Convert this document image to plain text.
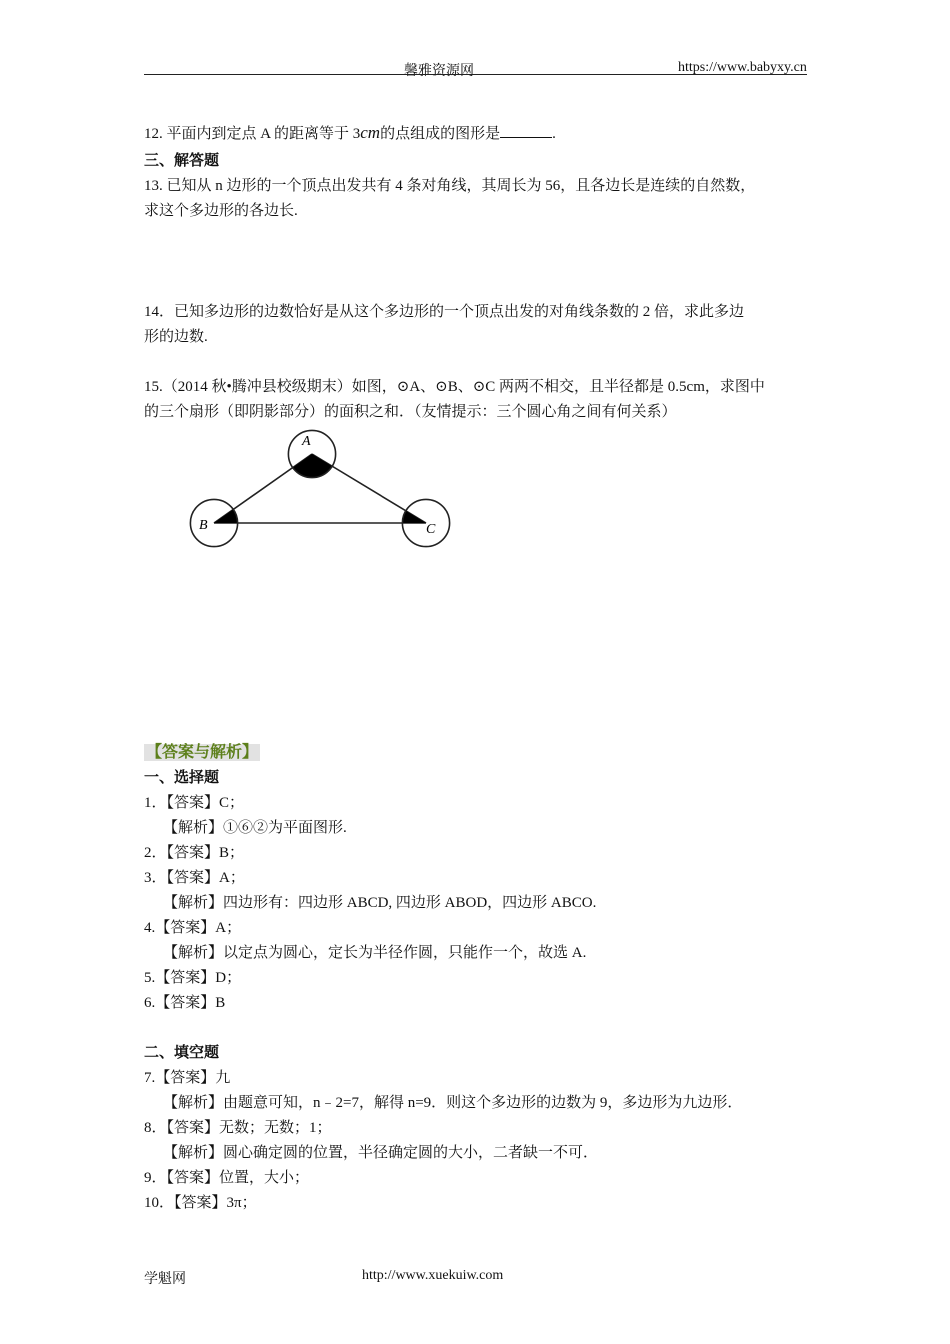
馨雅资源网	https://www.babyxy.cn
12. 平面内到定点 A 的距离等于 3cm的点组成的图形是	.
三、解答题
13. 已知从 n 边形的一个顶点出发共有 4 条对角线，其周长为 56，且各边长是连续的自然数，
求这个多边形的各边长.
14．已知多边形的边数恰好是从这个多边形的一个顶点出发的对角线条数的 2 倍，求此多边
形的边数.
15.（2014 秋•腾冲县校级期末）如图，⊙A、⊙B、⊙C 两两不相交，且半径都是 0.5cm，求图中
的三个扇形（即阴影部分）的面积之和．（友情提示：三个圆心角之间有何关系）
A
B	C
【答案与解析】
一、选择题
1．【答案】C；
【解析】①⑥②为平面图形.
2．【答案】B；
3．【答案】A；
【解析】四边形有：四边形 ABCD, 四边形 ABOD，四边形 ABCO.
4.【答案】A；
【解析】以定点为圆心，定长为半径作圆，只能作一个，故选 A.
5.【答案】D；
6.【答案】B
二、填空题
7.【答案】九
【解析】由题意可知，n﹣2=7，解得 n=9．则这个多边形的边数为 9，多边形为九边形．
8．【答案】无数；无数；1；
【解析】圆心确定圆的位置，半径确定圆的大小，二者缺一不可．
9．【答案】位置，大小；
10．【答案】3π；
学魁网	http://www.xuekuiw.com
